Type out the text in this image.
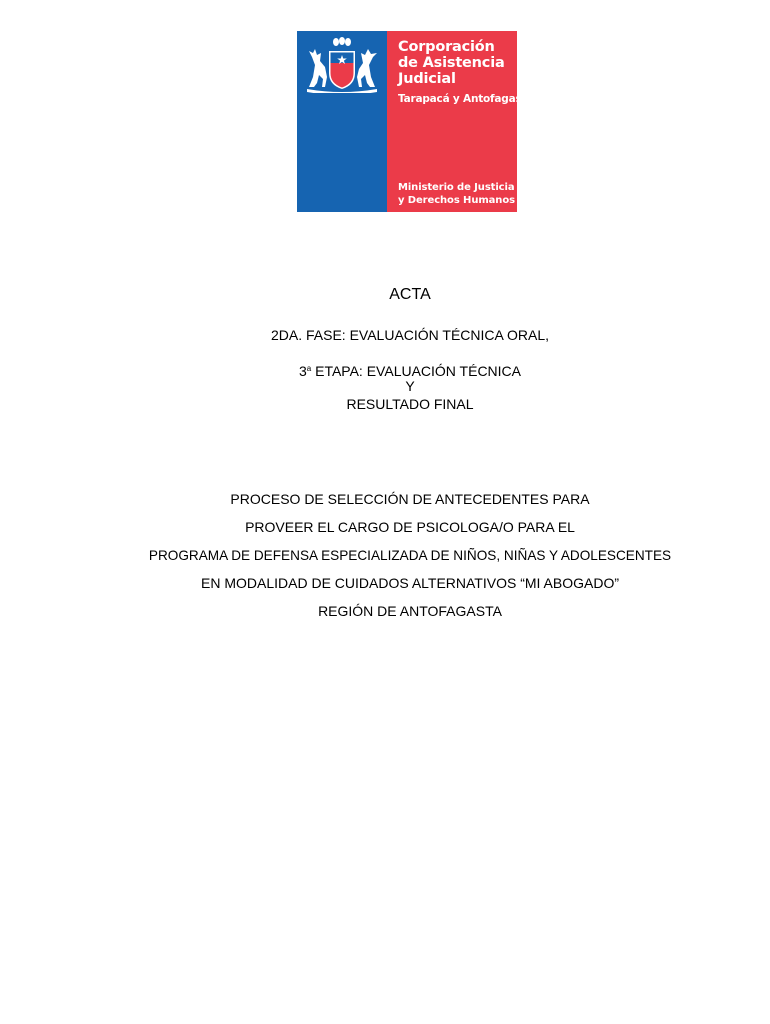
Corporación
de Asistencia
Judicial
Tarapacá y Antofagasta
Ministerio de Justicia
y Derechos Humanos

ACTA

2DA. FASE: EVALUACIÓN TÉCNICA ORAL,

3$^a$ ETAPA: EVALUACIÓN TÉCNICA

Y

RESULTADO FINAL

PROCESO DE SELECCIÓN DE ANTECEDENTES PARA

PROVEER EL CARGO DE PSICOLOGA/O PARA EL

PROGRAMA DE DEFENSA ESPECIALIZADA DE NIÑOS, NIÑAS Y ADOLESCENTES

EN MODALIDAD DE CUIDADOS ALTERNATIVOS “MI ABOGADO”

REGIÓN DE ANTOFAGASTA
